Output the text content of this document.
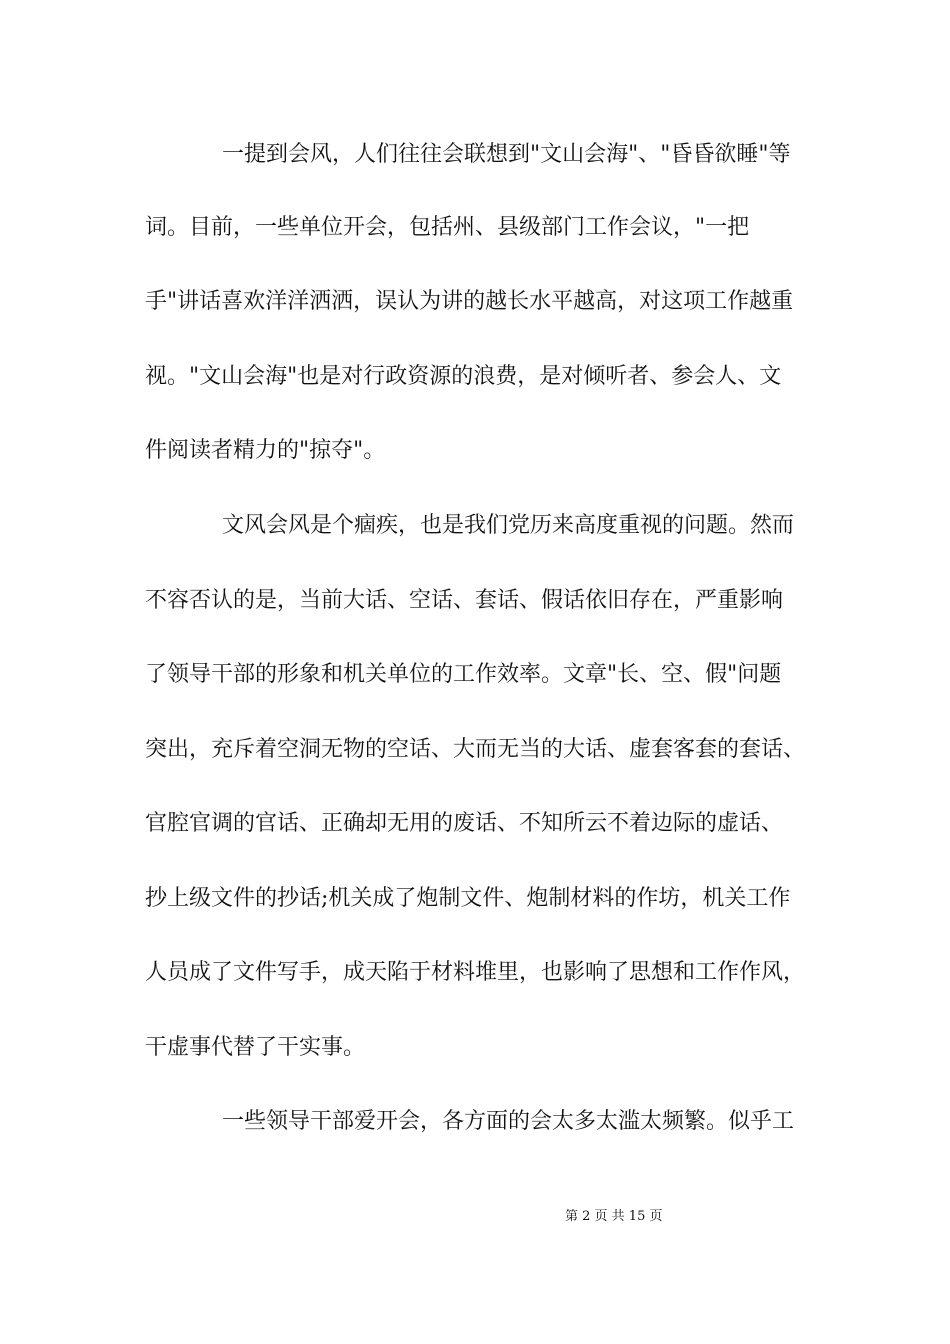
一提到会风，人们往往会联想到"文山会海"、"昏昏欲睡"等
词。目前，一些单位开会，包括州、县级部门工作会议，"一把
手"讲话喜欢洋洋洒洒，误认为讲的越长水平越高，对这项工作越重
视。"文山会海"也是对行政资源的浪费，是对倾听者、参会人、文
件阅读者精力的"掠夺"。
文风会风是个痼疾，也是我们党历来高度重视的问题。然而
不容否认的是，当前大话、空话、套话、假话依旧存在，严重影响
了领导干部的形象和机关单位的工作效率。文章"长、空、假"问题
突出，充斥着空洞无物的空话、大而无当的大话、虚套客套的套话、
官腔官调的官话、正确却无用的废话、不知所云不着边际的虚话、
抄上级文件的抄话;机关成了炮制文件、炮制材料的作坊，机关工作
人员成了文件写手，成天陷于材料堆里，也影响了思想和工作作风，
干虚事代替了干实事。
一些领导干部爱开会，各方面的会太多太滥太频繁。似乎工
第 2 页 共 15 页
